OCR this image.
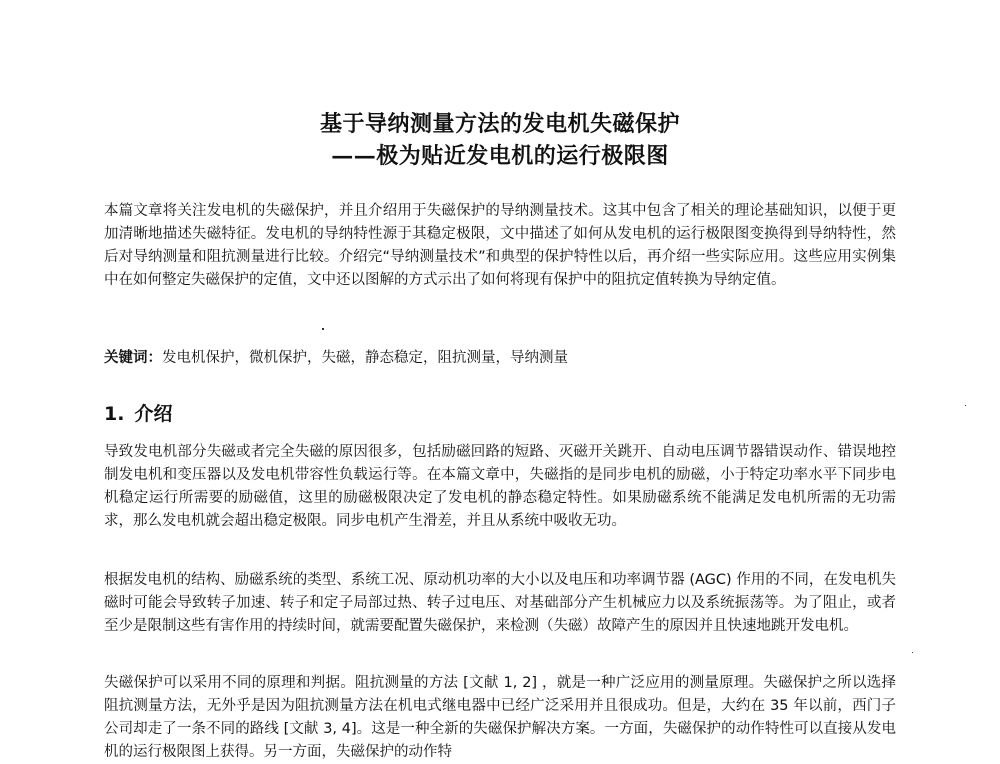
基于导纳测量方法的发电机失磁保护
——极为贴近发电机的运行极限图
本篇文章将关注发电机的失磁保护，并且介绍用于失磁保护的导纳测量技术。这其中包含了相关的理论基础知识，以便于更加清晰地描述失磁特征。发电机的导纳特性源于其稳定极限，文中描述了如何从发电机的运行极限图变换得到导纳特性，然后对导纳测量和阻抗测量进行比较。介绍完“导纳测量技术”和典型的保护特性以后，再介绍一些实际应用。这些应用实例集中在如何整定失磁保护的定值，文中还以图解的方式示出了如何将现有保护中的阻抗定值转换为导纳定值。
关键词：发电机保护，微机保护，失磁，静态稳定，阻抗测量，导纳测量
1. 介绍
导致发电机部分失磁或者完全失磁的原因很多，包括励磁回路的短路、灭磁开关跳开、自动电压调节器错误动作、错误地控制发电机和变压器以及发电机带容性负载运行等。在本篇文章中，失磁指的是同步电机的励磁，小于特定功率水平下同步电机稳定运行所需要的励磁值，这里的励磁极限决定了发电机的静态稳定特性。如果励磁系统不能满足发电机所需的无功需求，那么发电机就会超出稳定极限。同步电机产生滑差，并且从系统中吸收无功。
根据发电机的结构、励磁系统的类型、系统工况、原动机功率的大小以及电压和功率调节器 (AGC) 作用的不同，在发电机失磁时可能会导致转子加速、转子和定子局部过热、转子过电压、对基础部分产生机械应力以及系统振荡等。为了阻止，或者至少是限制这些有害作用的持续时间，就需要配置失磁保护，来检测（失磁）故障产生的原因并且快速地跳开发电机。
失磁保护可以采用不同的原理和判据。阻抗测量的方法 [文献 1, 2] ，就是一种广泛应用的测量原理。失磁保护之所以选择阻抗测量方法，无外乎是因为阻抗测量方法在机电式继电器中已经广泛采用并且很成功。但是，大约在 35 年以前，西门子公司却走了一条不同的路线 [文献 3, 4]。这是一种全新的失磁保护解决方案。一方面，失磁保护的动作特性可以直接从发电机的运行极限图上获得。另一方面，失磁保护的动作特
